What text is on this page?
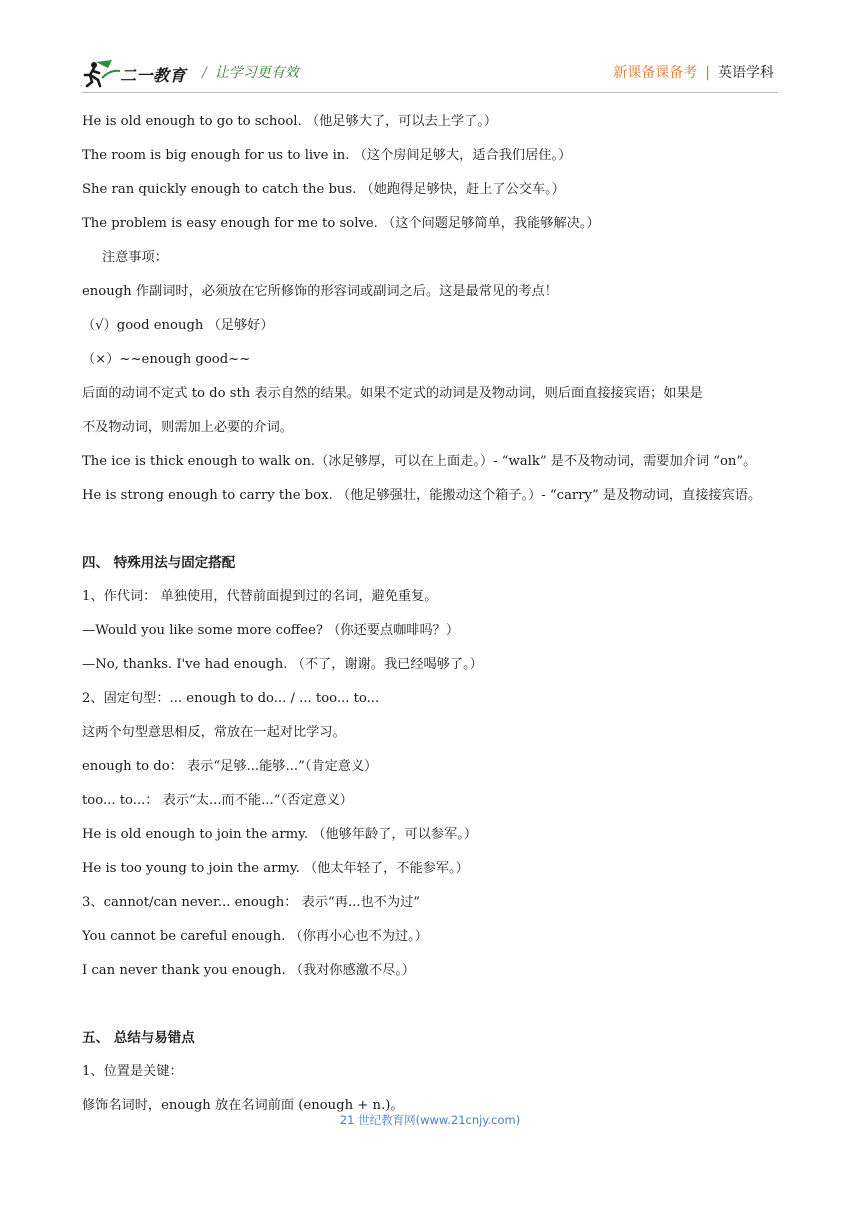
二一教育 / 让学习更有效	新课备课备考 | 英语学科
He is old enough to go to school. （他足够大了，可以去上学了。）
The room is big enough for us to live in. （这个房间足够大，适合我们居住。）
She ran quickly enough to catch the bus. （她跑得足够快，赶上了公交车。）
The problem is easy enough for me to solve. （这个问题足够简单，我能够解决。）
注意事项：
enough 作副词时，必须放在它所修饰的形容词或副词之后。这是最常见的考点！
（√）good enough （足够好）
（×）~~enough good~~
后面的动词不定式 to do sth 表示自然的结果。如果不定式的动词是及物动词，则后面直接接宾语；如果是
不及物动词，则需加上必要的介词。
The ice is thick enough to walk on.（冰足够厚，可以在上面走。）- “walk” 是不及物动词，需要加介词 “on”。
He is strong enough to carry the box. （他足够强壮，能搬动这个箱子。）- “carry” 是及物动词，直接接宾语。
四、 特殊用法与固定搭配
1、作代词： 单独使用，代替前面提到过的名词，避免重复。
—Would you like some more coffee? （你还要点咖啡吗？）
—No, thanks. I've had enough. （不了，谢谢。我已经喝够了。）
2、固定句型：... enough to do... / ... too... to...
这两个句型意思相反，常放在一起对比学习。
enough to do： 表示“足够...能够...”（肯定意义）
too... to...： 表示“太...而不能...”（否定意义）
He is old enough to join the army. （他够年龄了，可以参军。）
He is too young to join the army. （他太年轻了，不能参军。）
3、cannot/can never... enough： 表示“再...也不为过”
You cannot be careful enough. （你再小心也不为过。）
I can never thank you enough. （我对你感激不尽。）
五、 总结与易错点
1、位置是关键：
修饰名词时，enough 放在名词前面 (enough + n.)。
21 世纪教育网(www.21cnjy.com)
